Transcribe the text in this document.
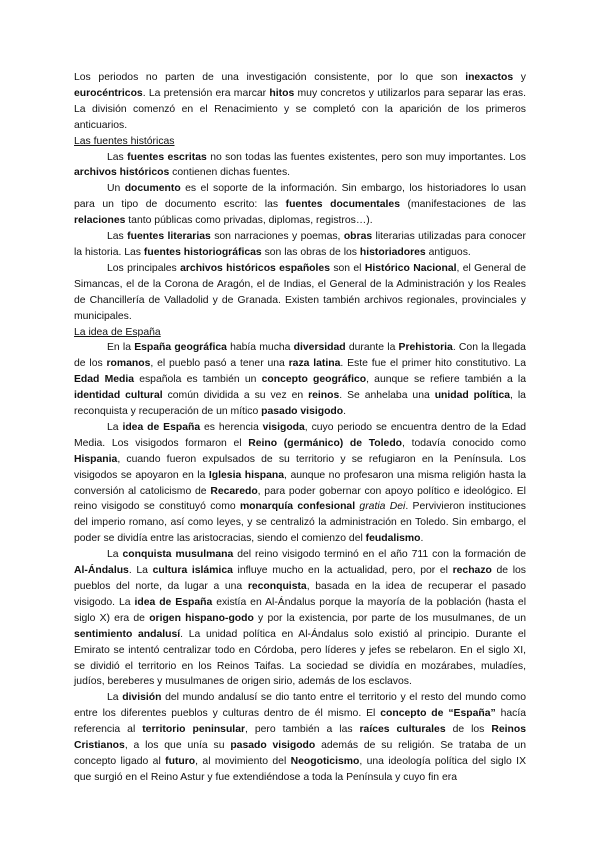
Los periodos no parten de una investigación consistente, por lo que son inexactos y eurocéntricos. La pretensión era marcar hitos muy concretos y utilizarlos para separar las eras. La división comenzó en el Renacimiento y se completó con la aparición de los primeros anticuarios.

Las fuentes históricas

Las fuentes escritas no son todas las fuentes existentes, pero son muy importantes. Los archivos históricos contienen dichas fuentes.

Un documento es el soporte de la información. Sin embargo, los historiadores lo usan para un tipo de documento escrito: las fuentes documentales (manifestaciones de las relaciones tanto públicas como privadas, diplomas, registros…).

Las fuentes literarias son narraciones y poemas, obras literarias utilizadas para conocer la historia. Las fuentes historiográficas son las obras de los historiadores antiguos.

Los principales archivos históricos españoles son el Histórico Nacional, el General de Simancas, el de la Corona de Aragón, el de Indias, el General de la Administración y los Reales de Chancillería de Valladolid y de Granada. Existen también archivos regionales, provinciales y municipales.

La idea de España

En la España geográfica había mucha diversidad durante la Prehistoria. Con la llegada de los romanos, el pueblo pasó a tener una raza latina. Este fue el primer hito constitutivo. La Edad Media española es también un concepto geográfico, aunque se refiere también a la identidad cultural común dividida a su vez en reinos. Se anhelaba una unidad política, la reconquista y recuperación de un mítico pasado visigodo.

La idea de España es herencia visigoda, cuyo periodo se encuentra dentro de la Edad Media. Los visigodos formaron el Reino (germánico) de Toledo, todavía conocido como Hispania, cuando fueron expulsados de su territorio y se refugiaron en la Península. Los visigodos se apoyaron en la Iglesia hispana, aunque no profesaron una misma religión hasta la conversión al catolicismo de Recaredo, para poder gobernar con apoyo político e ideológico. El reino visigodo se constituyó como monarquía confesional gratia Dei. Pervivieron instituciones del imperio romano, así como leyes, y se centralizó la administración en Toledo. Sin embargo, el poder se dividía entre las aristocracias, siendo el comienzo del feudalismo.

La conquista musulmana del reino visigodo terminó en el año 711 con la formación de Al-Ándalus. La cultura islámica influye mucho en la actualidad, pero, por el rechazo de los pueblos del norte, da lugar a una reconquista, basada en la idea de recuperar el pasado visigodo. La idea de España existía en Al-Ándalus porque la mayoría de la población (hasta el siglo X) era de origen hispano-godo y por la existencia, por parte de los musulmanes, de un sentimiento andalusí. La unidad política en Al-Ándalus solo existió al principio. Durante el Emirato se intentó centralizar todo en Córdoba, pero líderes y jefes se rebelaron. En el siglo XI, se dividió el territorio en los Reinos Taifas. La sociedad se dividía en mozárabes, muladíes, judíos, bereberes y musulmanes de origen sirio, además de los esclavos.

La división del mundo andalusí se dio tanto entre el territorio y el resto del mundo como entre los diferentes pueblos y culturas dentro de él mismo. El concepto de “España” hacía referencia al territorio peninsular, pero también a las raíces culturales de los Reinos Cristianos, a los que unía su pasado visigodo además de su religión. Se trataba de un concepto ligado al futuro, al movimiento del Neogoticismo, una ideología política del siglo IX que surgió en el Reino Astur y fue extendiéndose a toda la Península y cuyo fin era
